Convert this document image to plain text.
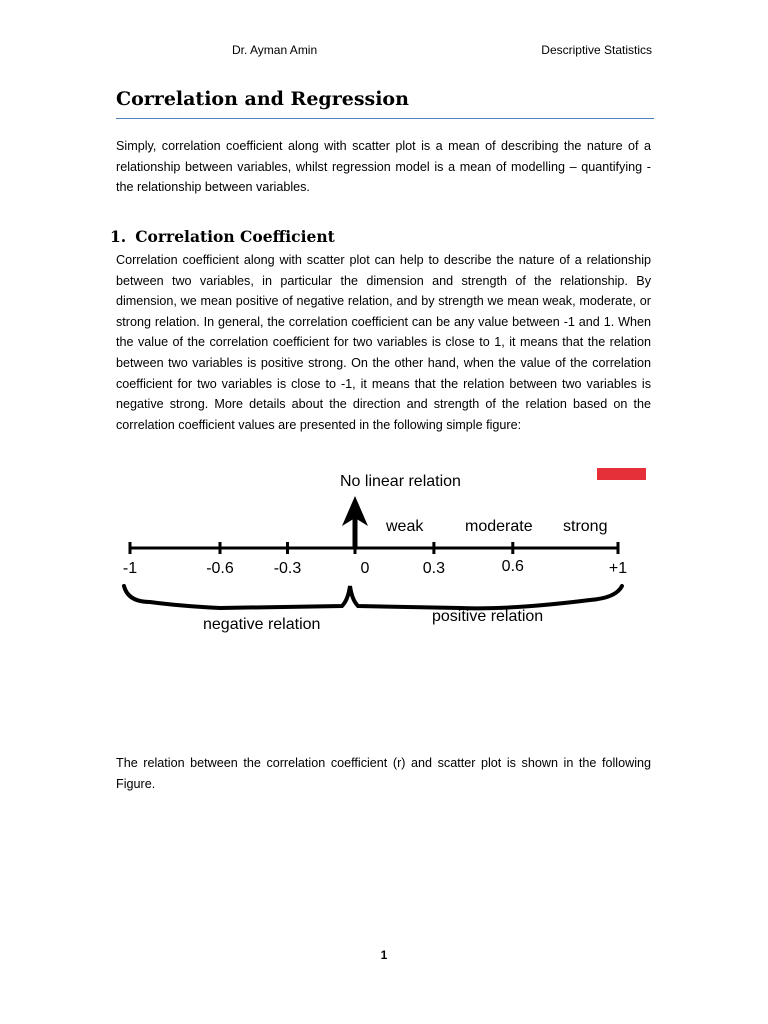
Dr. Ayman Amin	Descriptive Statistics
Correlation and Regression

Simply, correlation coefficient along with scatter plot is a mean of describing the nature of a relationship between variables, whilst regression model is a mean of modelling – quantifying - the relationship between variables.

1. Correlation Coefficient

Correlation coefficient along with scatter plot can help to describe the nature of a relationship between two variables, in particular the dimension and strength of the relationship. By dimension, we mean positive of negative relation, and by strength we mean weak, moderate, or strong relation. In general, the correlation coefficient can be any value between -1 and 1. When the value of the correlation coefficient for two variables is close to 1, it means that the relation between two variables is positive strong. On the other hand, when the value of the correlation coefficient for two variables is close to -1, it means that the relation between two variables is negative strong. More details about the direction and strength of the relation based on the correlation coefficient values are presented in the following simple figure:

No linear relation
weak	moderate strong
-1	-0.6 -0.3	0	0.3	0.6	+1
negative relation	positive relation

The relation between the correlation coefficient (r) and scatter plot is shown in the following Figure.

1
